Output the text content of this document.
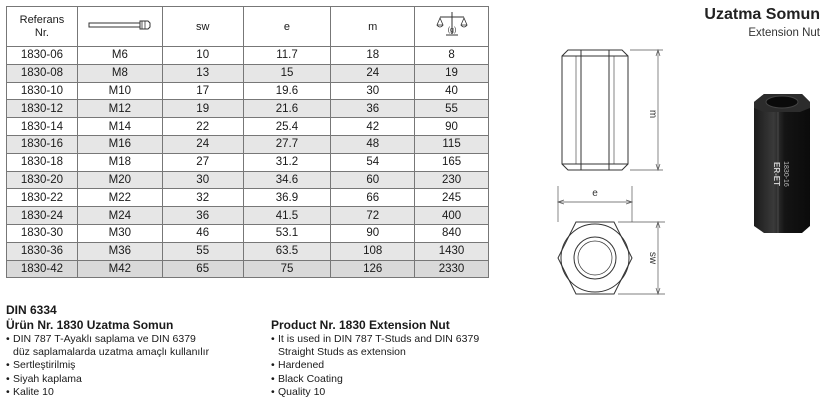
Referans
Nr.		sw	e	m	(g)

1830-06	M6	10	11.7	18	8
1830-08	M8	13	15	24	19
1830-10	M10	17	19.6	30	40
1830-12	M12	19	21.6	36	55
1830-14	M14	22	25.4	42	90
1830-16	M16	24	27.7	48	115
1830-18	M18	27	31.2	54	165
1830-20	M20	30	34.6	60	230
1830-22	M22	32	36.9	66	245
1830-24	M24	36	41.5	72	400
1830-30	M30	46	53.1	90	840
1830-36	M36	55	63.5	108	1430
1830-42	M42	65	75	126	2330
DIN 6334
Ürün Nr. 1830 Uzatma Somun
• DIN 787 T-Ayaklı saplama ve DIN 6379
düz saplamalarda uzatma amaçlı kullanılır
• Sertleştirilmiş
• Siyah kaplama
• Kalite 10
Product Nr. 1830 Extension Nut
• It is used in DIN 787 T-Studs and DIN 6379
Straight Studs as extension
• Hardened
• Black Coating
• Quality 10
Uzatma Somun
Extension Nut
m
e
sw
ER-ET 1830-16
